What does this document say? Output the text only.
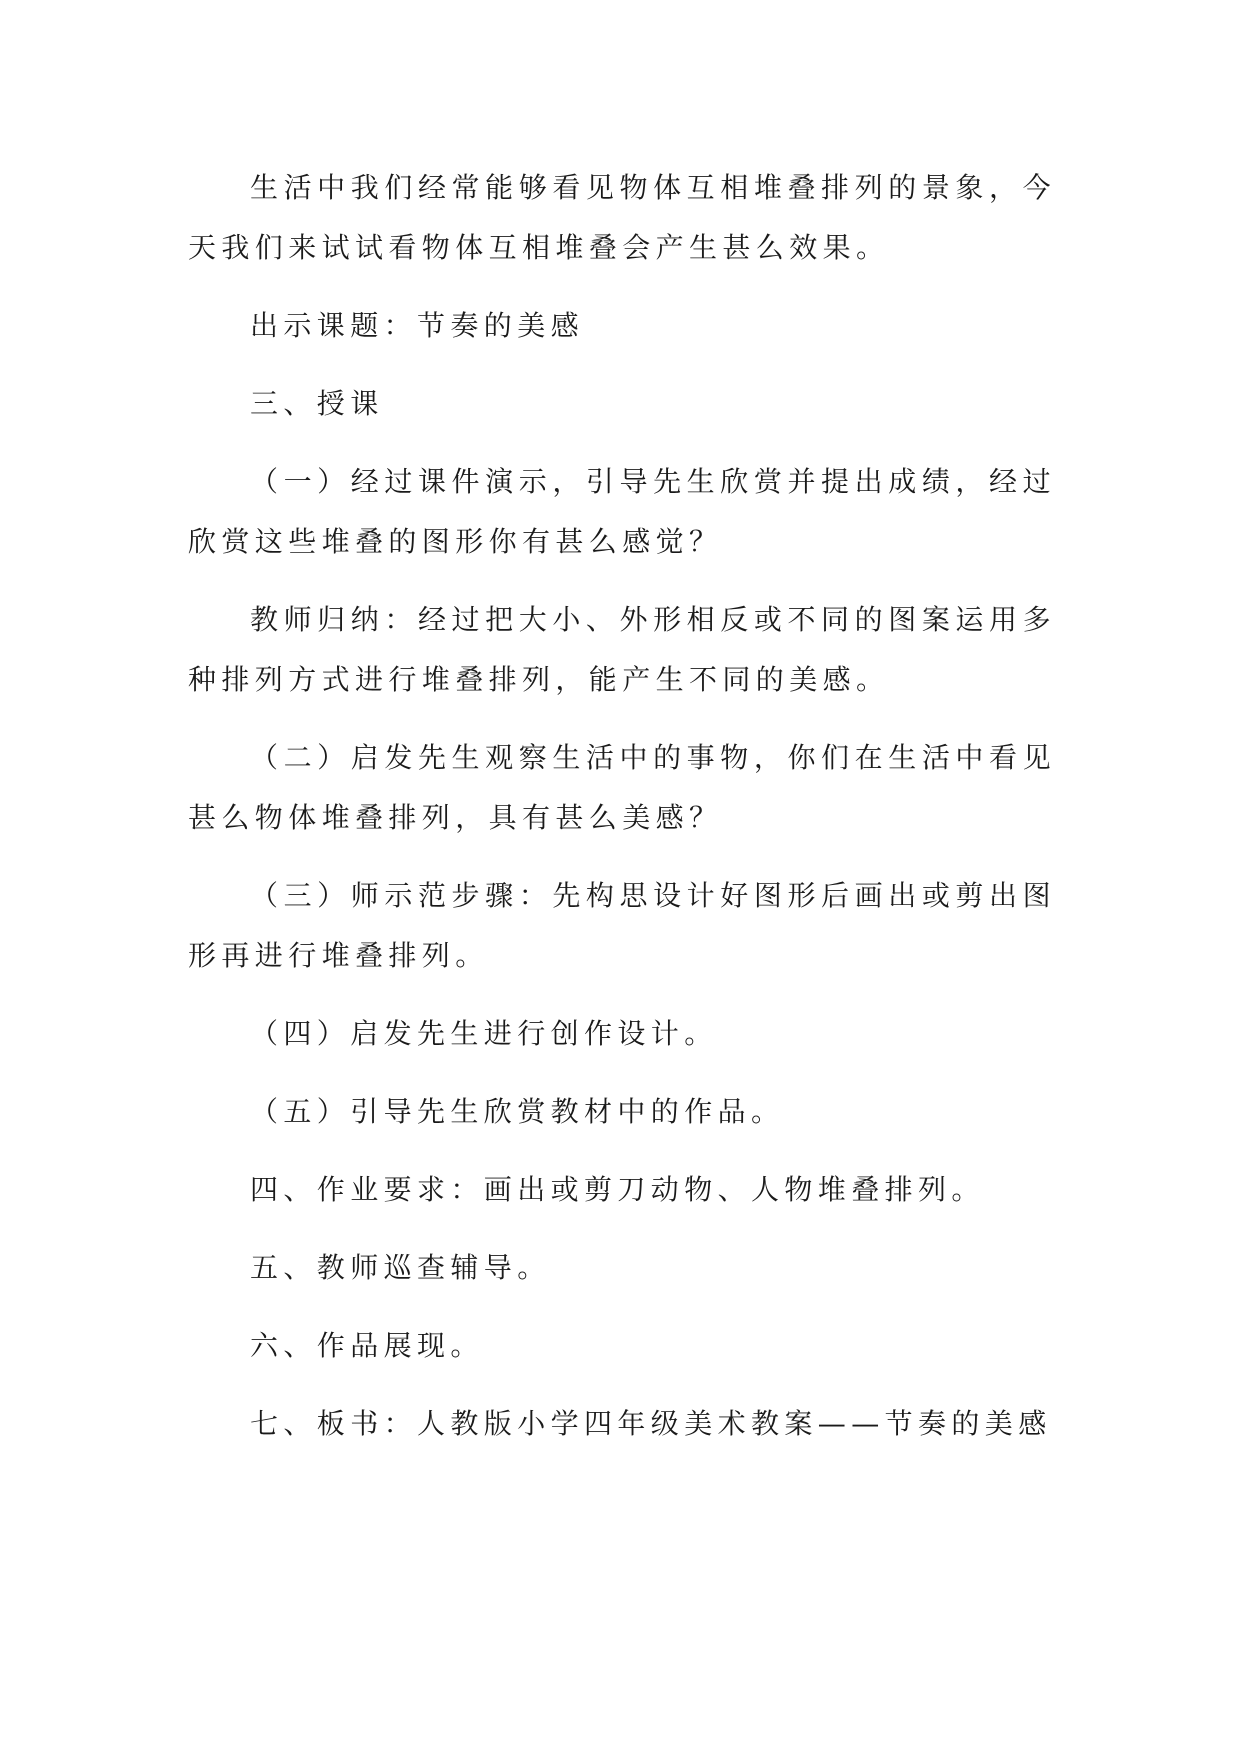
生活中我们经常能够看见物体互相堆叠排列的景象，今天我们来试试看物体互相堆叠会产生甚么效果。

出示课题：节奏的美感

三、授课

（一）经过课件演示，引导先生欣赏并提出成绩，经过欣赏这些堆叠的图形你有甚么感觉？

教师归纳：经过把大小、外形相反或不同的图案运用多种排列方式进行堆叠排列，能产生不同的美感。

（二）启发先生观察生活中的事物，你们在生活中看见甚么物体堆叠排列，具有甚么美感？

（三）师示范步骤：先构思设计好图形后画出或剪出图形再进行堆叠排列。

（四）启发先生进行创作设计。

（五）引导先生欣赏教材中的作品。

四、作业要求：画出或剪刀动物、人物堆叠排列。

五、教师巡查辅导。

六、作品展现。

七、板书：人教版小学四年级美术教案——节奏的美感
